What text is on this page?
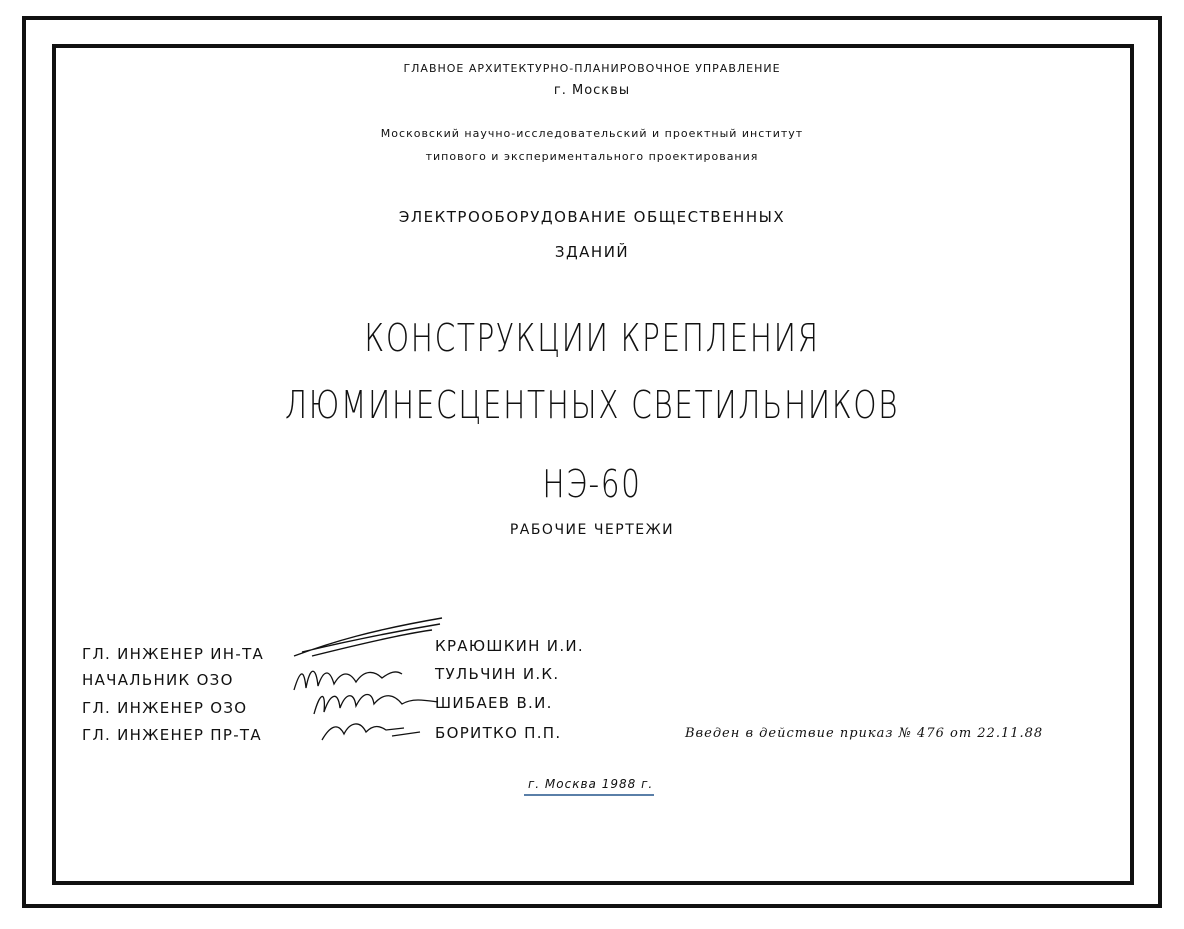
ГЛАВНОЕ АРХИТЕКТУРНО-ПЛАНИРОВОЧНОЕ УПРАВЛЕНИЕ
г. Москвы
Московский научно-исследовательский и проектный институт
типового и экспериментального проектирования
ЭЛЕКТРООБОРУДОВАНИЕ ОБЩЕСТВЕННЫХ
ЗДАНИЙ
КОНСТРУКЦИИ КРЕПЛЕНИЯ
ЛЮМИНЕСЦЕНТНЫХ СВЕТИЛЬНИКОВ
НЭ-60
РАБОЧИЕ ЧЕРТЕЖИ
ГЛ. ИНЖЕНЕР ИН-ТА	КРАЮШКИН И.И.
НАЧАЛЬНИК ОЗО	ТУЛЬЧИН И.К.
ГЛ. ИНЖЕНЕР ОЗО	ШИБАЕВ В.И.
ГЛ. ИНЖЕНЕР ПР-ТА	БОРИТКО П.П.	Введен в действие приказ № 476 от 22.11.88
г. Москва 1988 г.
